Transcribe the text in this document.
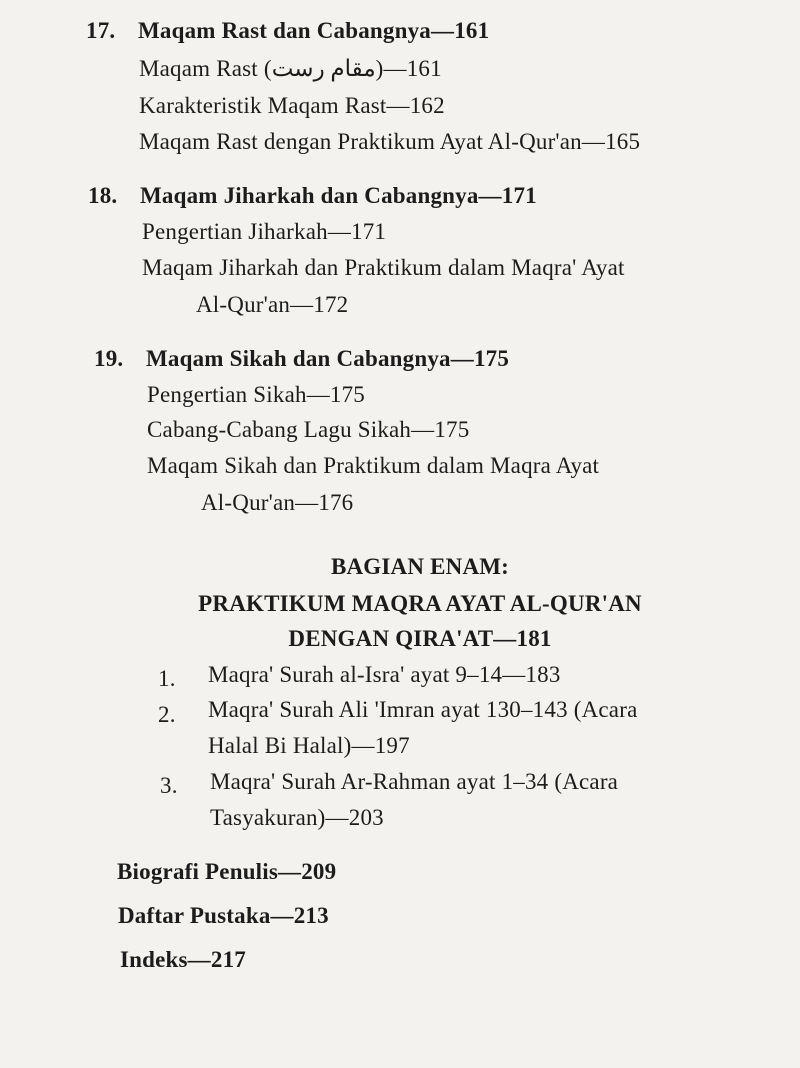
17. Maqam Rast dan Cabangnya—161
Maqam Rast (مقام رست)—161
Karakteristik Maqam Rast—162
Maqam Rast dengan Praktikum Ayat Al-Qur'an—165
18. Maqam Jiharkah dan Cabangnya—171
Pengertian Jiharkah—171
Maqam Jiharkah dan Praktikum dalam Maqra' Ayat
Al-Qur'an—172
19. Maqam Sikah dan Cabangnya—175
Pengertian Sikah—175
Cabang-Cabang Lagu Sikah—175
Maqam Sikah dan Praktikum dalam Maqra Ayat
Al-Qur'an—176
BAGIAN ENAM:
PRAKTIKUM MAQRA AYAT AL-QUR'AN
DENGAN QIRA'AT—181
1. Maqra' Surah al-Isra' ayat 9–14—183
2. Maqra' Surah Ali 'Imran ayat 130–143 (Acara
Halal Bi Halal)—197
3. Maqra' Surah Ar-Rahman ayat 1–34 (Acara
Tasyakuran)—203
Biografi Penulis—209
Daftar Pustaka—213
Indeks—217
